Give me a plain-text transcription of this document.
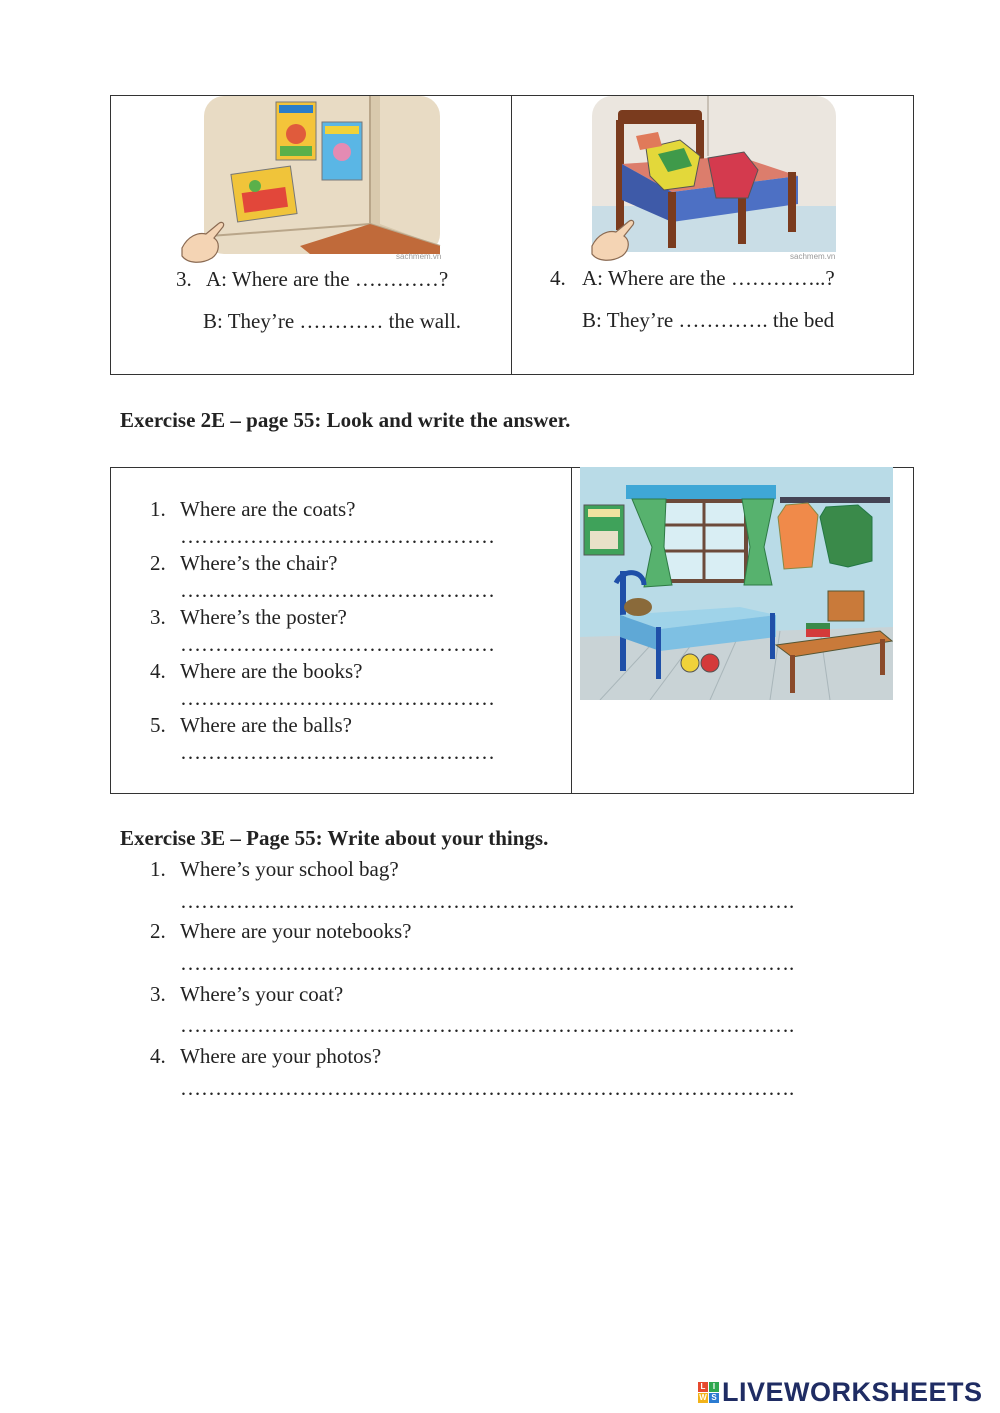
sachmem.vn	sachmem.vn
3. A: Where are the …………?
B: They’re ………… the wall.
4. A: Where are the …………..?
B: They’re …………. the bed
Exercise 2E – page 55: Look and write the answer.
1. Where are the coats?
………………………………………
2. Where’s the chair?
………………………………………
3. Where’s the poster?
………………………………………
4. Where are the books?
………………………………………
5. Where are the balls?
………………………………………
Exercise 3E – Page 55: Write about your things.
1. Where’s your school bag?
…………………………………………………………………………….
2. Where are your notebooks?
…………………………………………………………………………….
3. Where’s your coat?
…………………………………………………………………………….
4. Where are your photos?
…………………………………………………………………………….
L I
W S LIVEWORKSHEETS
